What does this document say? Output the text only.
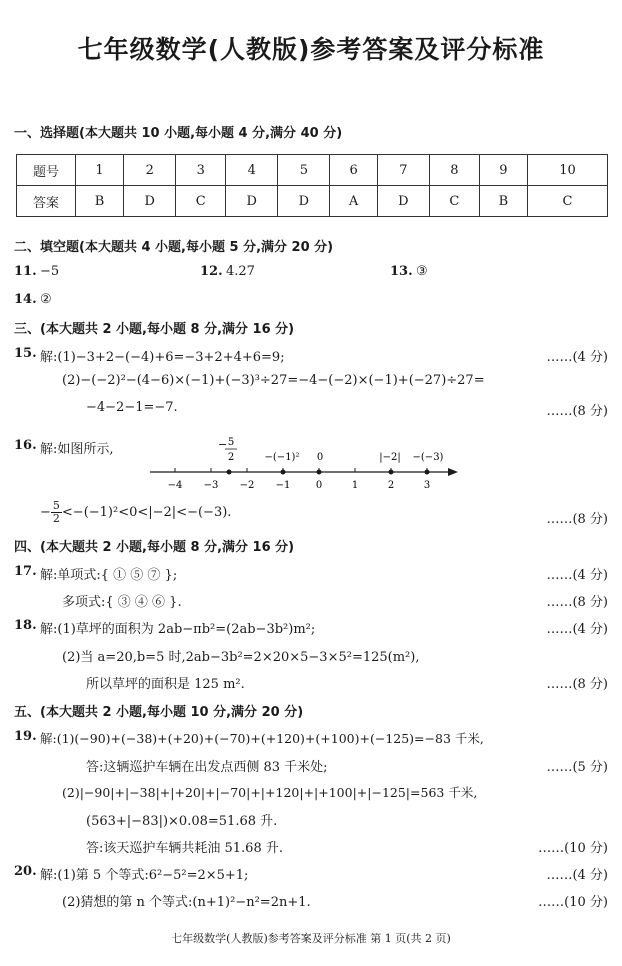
七年级数学(人教版)参考答案及评分标准
一、选择题(本大题共 10 小题,每小题 4 分,满分 40 分)
题号	1	2	3	4	5	6	7	8	9	10
答案	B	D	C	D	D	A	D	C	B	C
二、填空题(本大题共 4 小题,每小题 5 分,满分 20 分)
11. −5	12. 4.27	13. ③
14. ②
三、(本大题共 2 小题,每小题 8 分,满分 16 分)
15. 解:(1)−3+2−(−4)+6=−3+2+4+6=9;	……(4 分)
(2)−(−2)²−(4−6)×(−1)+(−3)³÷27=−4−(−2)×(−1)+(−27)÷27=
−4−2−1=−7.	……(8 分)
16. 解:如图所示,
−4 −3 −2 −1	0	1	2	3
− 5
2	−(−1)² 0	|−2| −(−3)
− $\frac{5}{2} <-(-1)^2<0<|-2|<-(-3)$.	……(8 分)
四、(本大题共 2 小题,每小题 8 分,满分 16 分)
17. 解:单项式:{ ① ⑤ ⑦ };	……(4 分)
多项式:{ ③ ④ ⑥ }.	……(8 分)
18. 解:(1)草坪的面积为 2ab−πb²=(2ab−3b²)m²;	……(4 分)
(2)当 a=20,b=5 时,2ab−3b²=2×20×5−3×5²=125(m²),
所以草坪的面积是 125 m².	……(8 分)
五、(本大题共 2 小题,每小题 10 分,满分 20 分)
19. 解:(1)(−90)+(−38)+(+20)+(−70)+(+120)+(+100)+(−125)=−83 千米,
答:这辆巡护车辆在出发点西侧 83 千米处;	……(5 分)
(2)|−90|+|−38|+|+20|+|−70|+|+120|+|+100|+|−125|=563 千米,
(563+|−83|)×0.08=51.68 升.
答:该天巡护车辆共耗油 51.68 升.	……(10 分)
20. 解:(1)第 5 个等式:6²−5²=2×5+1;	……(4 分)
(2)猜想的第 n 个等式:(n+1)²−n²=2n+1.	……(10 分)
七年级数学(人教版)参考答案及评分标准 第 1 页(共 2 页)
